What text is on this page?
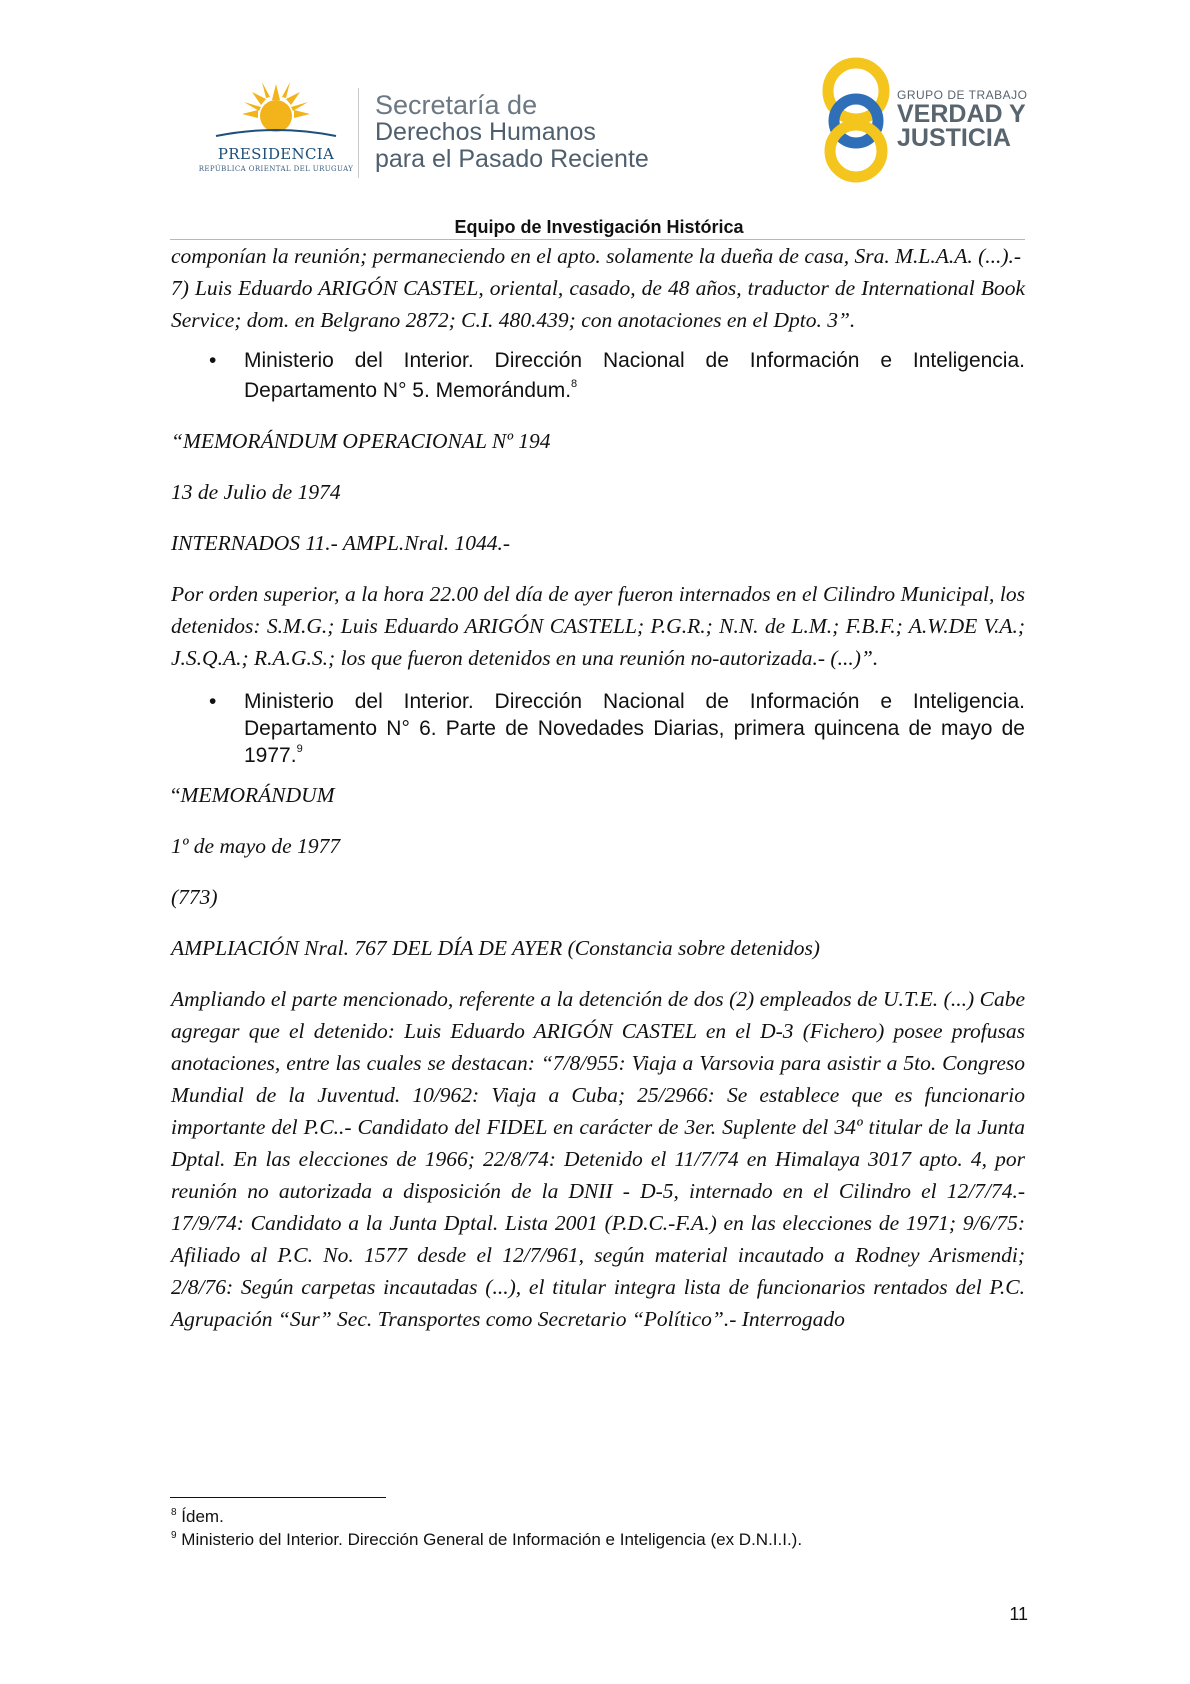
PRESIDENCIA
REPÚBLICA ORIENTAL DEL URUGUAY
Secretaría de
Derechos Humanos
para el Pasado Reciente
GRUPO DE TRABAJO
VERDAD Y
JUSTICIA
Equipo de Investigación Histórica

componían la reunión; permaneciendo en el apto. solamente la dueña de casa, Sra. M.L.A.A. (...).-

7) Luis Eduardo ARIGÓN CASTEL, oriental, casado, de 48 años, traductor de International Book Service; dom. en Belgrano 2872; C.I. 480.439; con anotaciones en el Dpto. 3”.

• Ministerio del Interior. Dirección Nacional de Información e Inteligencia. Departamento N° 5. Memorándum.$^8$

“MEMORÁNDUM OPERACIONAL Nº 194

13 de Julio de 1974

INTERNADOS 11.- AMPL.Nral. 1044.-

Por orden superior, a la hora 22.00 del día de ayer fueron internados en el Cilindro Municipal, los detenidos: S.M.G.; Luis Eduardo ARIGÓN CASTELL; P.G.R.; N.N. de L.M.; F.B.F.; A.W.DE V.A.; J.S.Q.A.; R.A.G.S.; los que fueron detenidos en una reunión no-autorizada.- (...)”.

• Ministerio del Interior. Dirección Nacional de Información e Inteligencia. Departamento N° 6. Parte de Novedades Diarias, primera quincena de mayo de 1977.$^9$

“MEMORÁNDUM

1º de mayo de 1977

(773)

AMPLIACIÓN Nral. 767 DEL DÍA DE AYER (Constancia sobre detenidos)

Ampliando el parte mencionado, referente a la detención de dos (2) empleados de U.T.E. (...) Cabe agregar que el detenido: Luis Eduardo ARIGÓN CASTEL en el D-3 (Fichero) posee profusas anotaciones, entre las cuales se destacan: “7/8/955: Viaja a Varsovia para asistir a 5to. Congreso Mundial de la Juventud. 10/962: Viaja a Cuba; 25/2966: Se establece que es funcionario importante del P.C..- Candidato del FIDEL en carácter de 3er. Suplente del 34º titular de la Junta Dptal. En las elecciones de 1966; 22/8/74: Detenido el 11/7/74 en Himalaya 3017 apto. 4, por reunión no autorizada a disposición de la DNII - D-5, internado en el Cilindro el 12/7/74.- 17/9/74: Candidato a la Junta Dptal. Lista 2001 (P.D.C.-F.A.) en las elecciones de 1971; 9/6/75: Afiliado al P.C. No. 1577 desde el 12/7/961, según material incautado a Rodney Arismendi; 2/8/76: Según carpetas incautadas (...), el titular integra lista de funcionarios rentados del P.C. Agrupación “Sur” Sec. Transportes como Secretario “Político”.- Interrogado

$^8$ Ídem.

$^9$ Ministerio del Interior. Dirección General de Información e Inteligencia (ex D.N.I.I.).

11
